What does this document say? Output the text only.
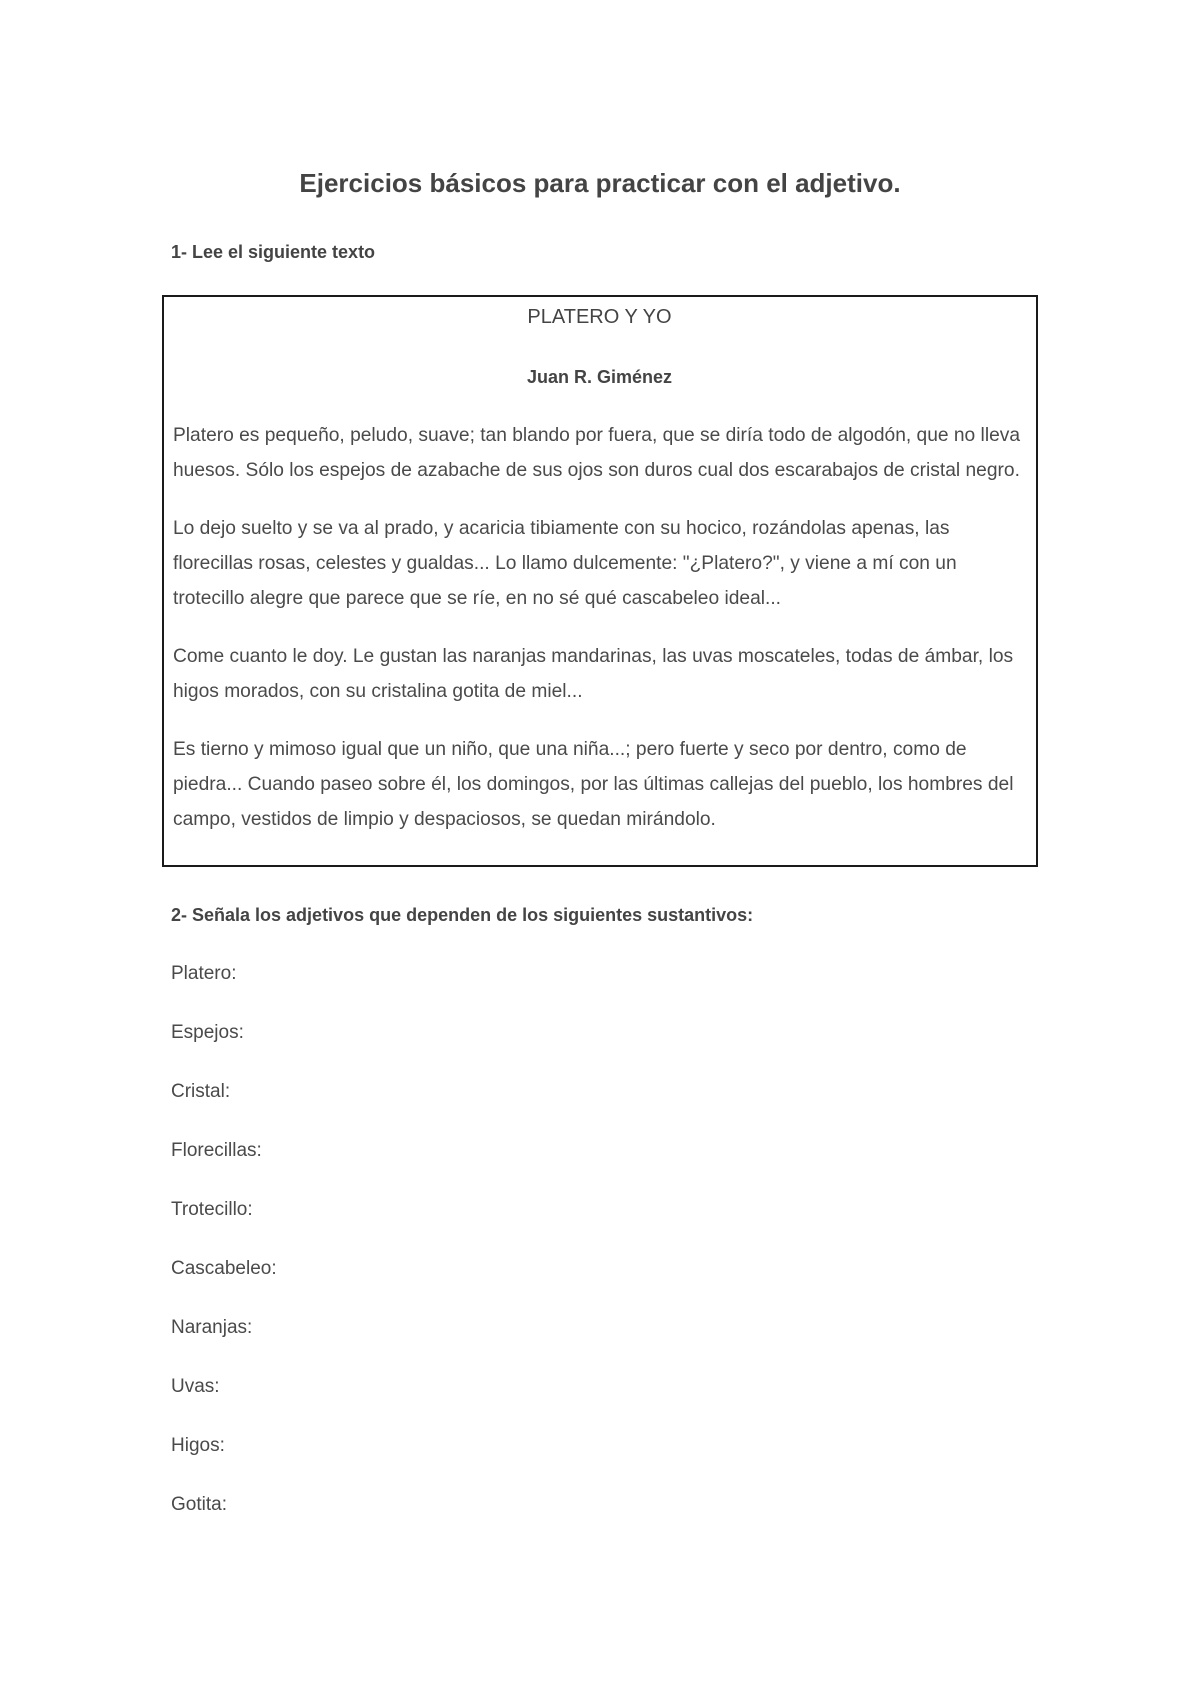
Ejercicios básicos para practicar con el adjetivo.

1- Lee el siguiente texto

PLATERO Y YO

Juan R. Giménez

Platero es pequeño, peludo, suave; tan blando por fuera, que se diría todo de algodón, que no lleva huesos. Sólo los espejos de azabache de sus ojos son duros cual dos escarabajos de cristal negro.

Lo dejo suelto y se va al prado, y acaricia tibiamente con su hocico, rozándolas apenas, las florecillas rosas, celestes y gualdas... Lo llamo dulcemente: "¿Platero?", y viene a mí con un trotecillo alegre que parece que se ríe, en no sé qué cascabeleo ideal...

Come cuanto le doy. Le gustan las naranjas mandarinas, las uvas moscateles, todas de ámbar, los higos morados, con su cristalina gotita de miel...

Es tierno y mimoso igual que un niño, que una niña...; pero fuerte y seco por dentro, como de piedra... Cuando paseo sobre él, los domingos, por las últimas callejas del pueblo, los hombres del campo, vestidos de limpio y despaciosos, se quedan mirándolo.

2- Señala los adjetivos que dependen de los siguientes sustantivos:

Platero:
Espejos:
Cristal:
Florecillas:
Trotecillo:
Cascabeleo:
Naranjas:
Uvas:
Higos:
Gotita:
